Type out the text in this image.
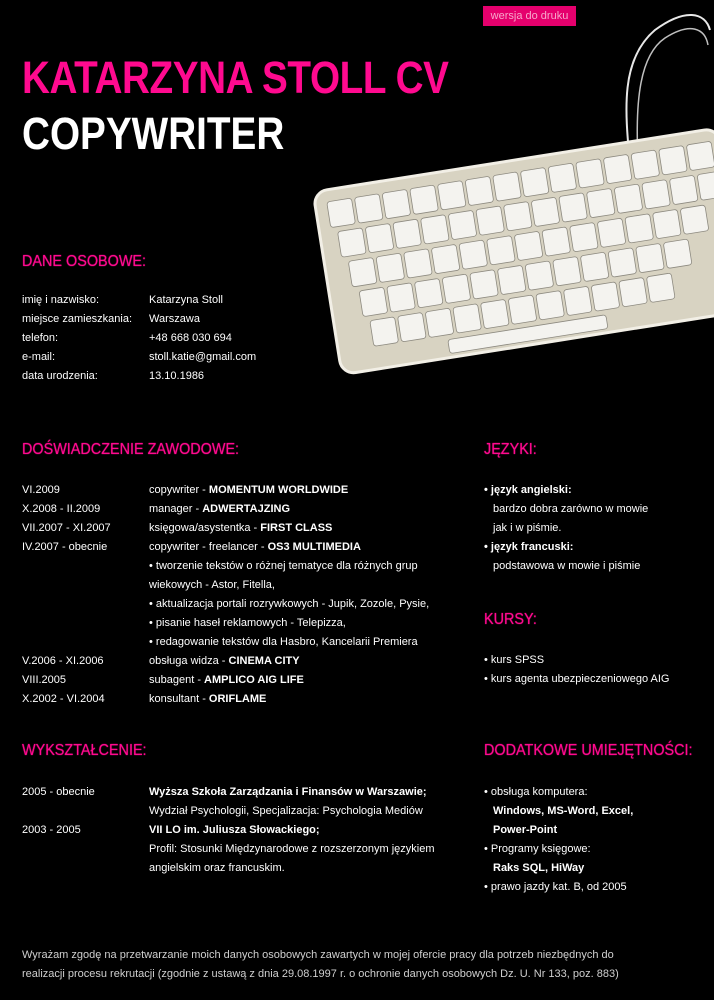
wersja do druku
KATARZYNA STOLL CV
COPYWRITER
DANE OSOBOWE:
imię i nazwisko:	Katarzyna Stoll
miejsce zamieszkania: Warszawa
telefon:	+48 668 030 694
e-mail:	stoll.katie@gmail.com
data urodzenia:	13.10.1986
DOŚWIADCZENIE ZAWODOWE:
VI.2009	copywriter - MOMENTUM WORLDWIDE
X.2008 - II.2009	manager - ADWERTAJZING
VII.2007 - XI.2007	księgowa/asystentka - FIRST CLASS
IV.2007 - obecnie	copywriter - freelancer - OS3 MULTIMEDIA
• tworzenie tekstów o różnej tematyce dla różnych grup
wiekowych - Astor, Fitella,
• aktualizacja portali rozrywkowych - Jupik, Zozole, Pysie,
• pisanie haseł reklamowych - Telepizza,
• redagowanie tekstów dla Hasbro, Kancelarii Premiera
V.2006 - XI.2006	obsługa widza - CINEMA CITY
VIII.2005	subagent - AMPLICO AIG LIFE
X.2002 - VI.2004	konsultant - ORIFLAME
JĘZYKI:
• język angielski:
bardzo dobra zarówno w mowie
jak i w piśmie.
• język francuski:
podstawowa w mowie i piśmie
KURSY:
• kurs SPSS
• kurs agenta ubezpieczeniowego AIG
WYKSZTAŁCENIE:
2005 - obecnie	Wyższa Szkoła Zarządzania i Finansów w Warszawie;
Wydział Psychologii, Specjalizacja: Psychologia Mediów
2003 - 2005	VII LO im. Juliusza Słowackiego;
Profil: Stosunki Międzynarodowe z rozszerzonym językiem
angielskim oraz francuskim.
DODATKOWE UMIEJĘTNOŚCI:
• obsługa komputera:
Windows, MS-Word, Excel,
Power-Point
• Programy księgowe:
Raks SQL, HiWay
• prawo jazdy kat. B, od 2005
Wyrażam zgodę na przetwarzanie moich danych osobowych zawartych w mojej ofercie pracy dla potrzeb niezbędnych do
realizacji procesu rekrutacji (zgodnie z ustawą z dnia 29.08.1997 r. o ochronie danych osobowych Dz. U. Nr 133, poz. 883)
